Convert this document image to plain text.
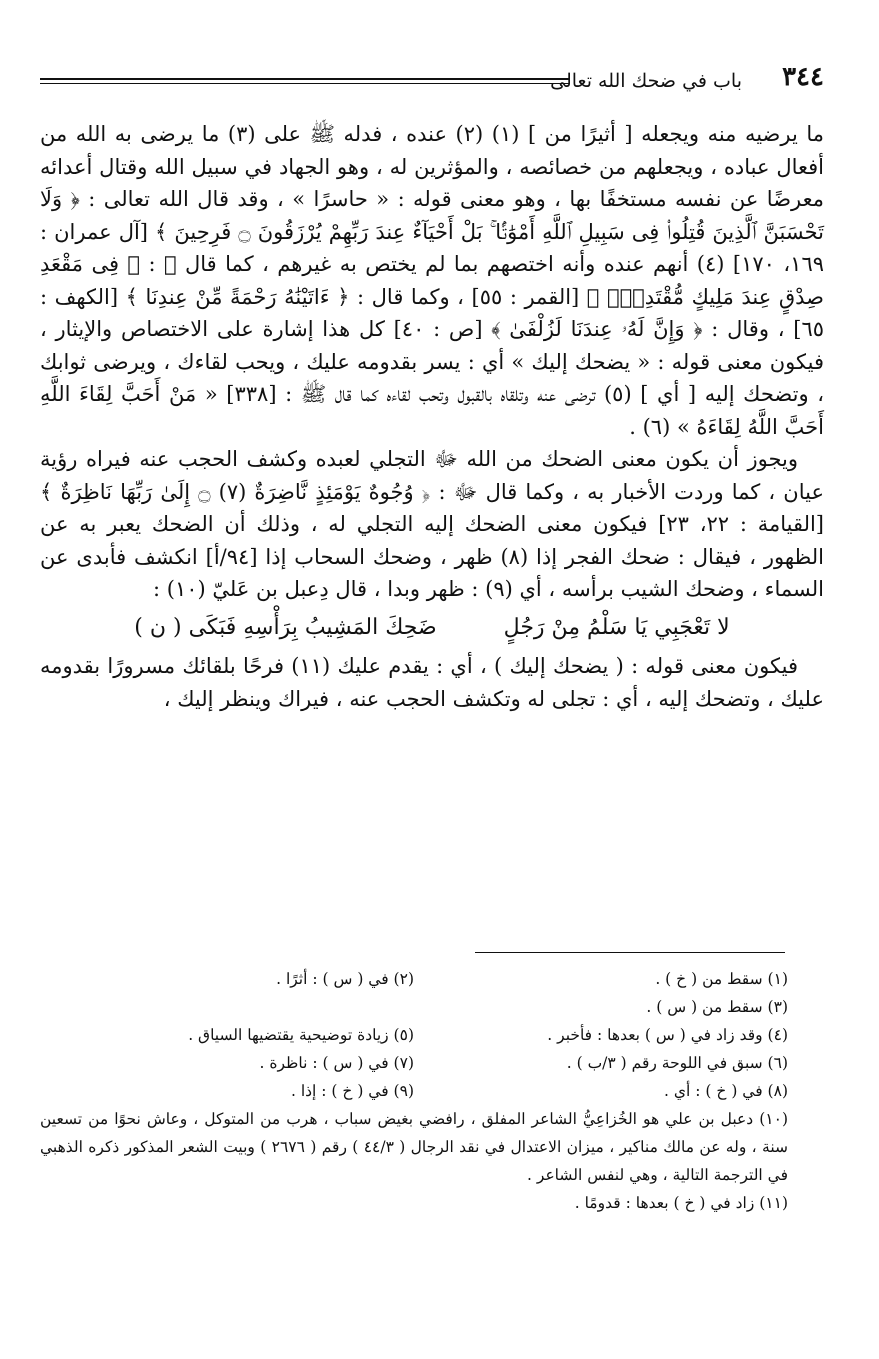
٣٤٤
باب في ضحك الله تعالى

ما يرضيه منه ويجعله [ أثيرًا من ] (١) (٢) عنده ، فدله ﷺ على (٣) ما يرضى به الله من أفعال عباده ، ويجعلهم من خصائصه ، والمؤثرين له ، وهو الجهاد في سبيل الله وقتال أعدائه معرضًا عن نفسه مستخفًا بها ، وهو معنى قوله : « حاسرًا » ، وقد قال الله تعالى : ﴿ وَلَا تَحْسَبَنَّ ٱلَّذِينَ قُتِلُوا۟ فِى سَبِيلِ ٱللَّهِ أَمْوَٰتًۢا ۚ بَلْ أَحْيَآءٌ عِندَ رَبِّهِمْ يُرْزَقُونَ ۝ فَرِحِينَ ﴾ [آل عمران : ١٦٩، ١٧٠] (٤) أنهم عنده وأنه اختصهم بما لم يختص به غيرهم ، كما قال ﷻ : ﴿ فِى مَقْعَدِ صِدْقٍ عِندَ مَلِيكٍ مُّقْتَدِرٍۭ ﴾ [القمر : ٥٥] ، وكما قال : ﴿ ءَاتَيْنَٰهُ رَحْمَةً مِّنْ عِندِنَا ﴾ [الكهف : ٦٥] ، وقال : ﴿ وَإِنَّ لَهُۥ عِندَنَا لَزُلْفَىٰ ﴾ [ص : ٤٠] كل هذا إشارة على الاختصاص والإيثار ، فيكون معنى قوله : « يضحك إليك » أي : يسر بقدومه عليك ، ويحب لقاءك ، ويرضى ثوابك ، وتضحك إليه [ أي ] (٥) ترضى عنه وتلقاه بالقبول وتحب لقاءه كما قال ﷺ : [٣٣٨] « مَنْ أَحَبَّ لِقَاءَ اللَّهِ أَحَبَّ اللَّهُ لِقَاءَهُ » (٦) .

ويجوز أن يكون معنى الضحك من الله ﷻ التجلي لعبده وكشف الحجب عنه فيراه رؤية عيان ، كما وردت الأخبار به ، وكما قال ﷻ : ﴿ وُجُوهٌ يَوْمَئِذٍ نَّاضِرَةٌ (٧) ۝ إِلَىٰ رَبِّهَا نَاظِرَةٌ ﴾ [القيامة : ٢٢، ٢٣] فيكون معنى الضحك إليه التجلي له ، وذلك أن الضحك يعبر به عن الظهور ، فيقال : ضحك الفجر إذا (٨) ظهر ، وضحك السحاب إذا [٩٤/أ] انكشف فأبدى عن السماء ، وضحك الشيب برأسه ، أي (٩) : ظهر وبدا ، قال دِعبل بن عَليّ (١٠) :

لا تَعْجَبِي يَا سَلْمُ مِنْ رَجُلٍ ضَحِكَ المَشِيبُ بِرَأْسِهِ فَبَكَى ( ن )

فيكون معنى قوله : ( يضحك إليك ) ، أي : يقدم عليك (١١) فرحًا بلقائك مسرورًا بقدومه عليك ، وتضحك إليه ، أي : تجلى له وتكشف الحجب عنه ، فيراك وينظر إليك ،

(١) سقط من ( خ ) .
(٢) في ( س ) : أثرًا .
(٣) سقط من ( س ) .
(٤) وقد زاد في ( س ) بعدها : فأخبر .
(٥) زيادة توضيحية يقتضيها السياق .
(٦) سبق في اللوحة رقم ( ٣/ب ) .
(٧) في ( س ) : ناظرة .
(٨) في ( خ ) : أي .
(٩) في ( خ ) : إذا .
(١٠) دعبل بن علي هو الخُزاعِيُّ الشاعر المفلق ، رافضي بغيض سباب ، هرب من المتوكل ، وعاش نحوًا من تسعين سنة ، وله عن مالك مناكير ، ميزان الاعتدال في نقد الرجال ( ٤٤/٣ ) رقم ( ٢٦٧٦ ) وبيت الشعر المذكور ذكره الذهبي في الترجمة التالية ، وهي لنفس الشاعر .
(١١) زاد في ( خ ) بعدها : قدومًا .
